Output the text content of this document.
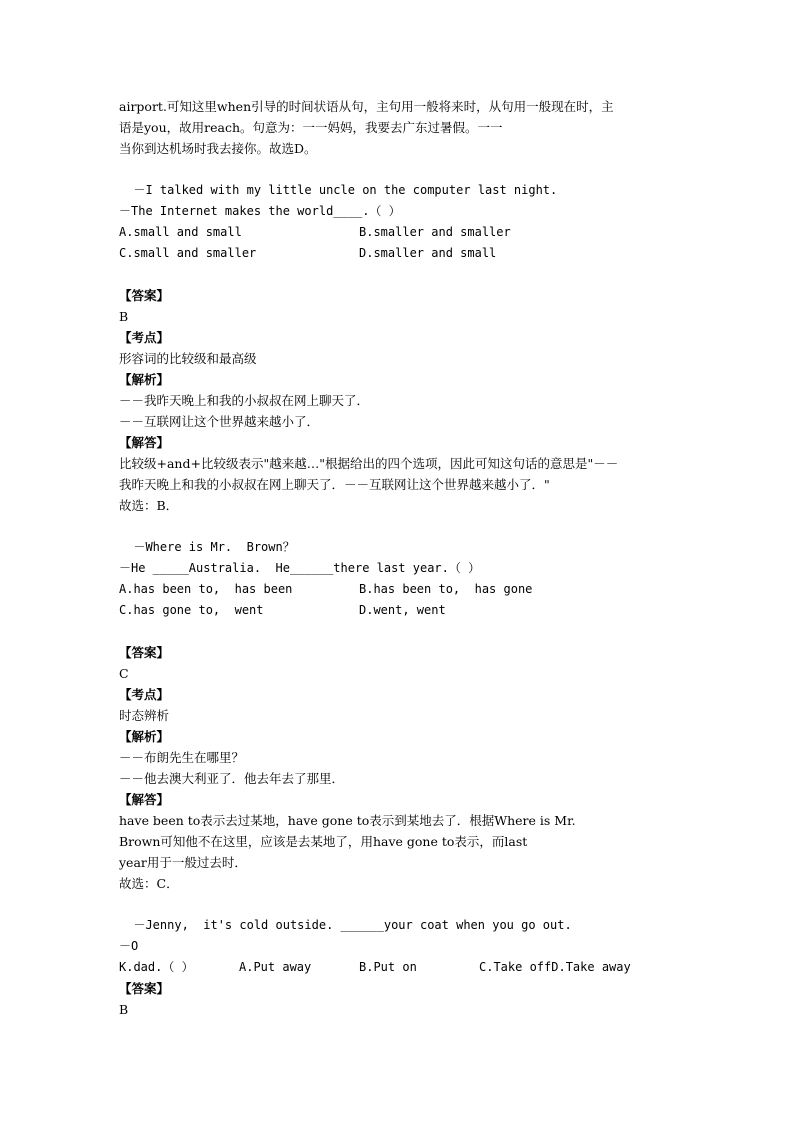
airport.可知这里when引导的时间状语从句，主句用一般将来时，从句用一般现在时，主
语是you，故用reach。句意为：一一妈妈，我要去广东过暑假。一一
当你到达机场时我去接你。故选D。
－I talked with my little uncle on the computer last night.
－The Internet makes the world____.（ ）
A.small and small	B.smaller and smaller
C.small and smaller	D.smaller and small
【答案】
B
【考点】
形容词的比较级和最高级
【解析】
－－我昨天晚上和我的小叔叔在网上聊天了．
－－互联网让这个世界越来越小了．
【解答】
比较级+and+比较级表示"越来越…"根据给出的四个选项，因此可知这句话的意思是"－－
我昨天晚上和我的小叔叔在网上聊天了．－－互联网让这个世界越来越小了．"
故选：B．
－Where is Mr.  Brown？
－He _____Australia.  He______there last year.（ ）
A.has been to,  has been	B.has been to,  has gone
C.has gone to,  went	D.went, went
【答案】
C
【考点】
时态辨析
【解析】
－－布朗先生在哪里？
－－他去澳大利亚了．他去年去了那里．
【解答】
have been to表示去过某地，have gone to表示到某地去了．根据Where is Mr.
Brown可知他不在这里，应该是去某地了，用have gone to表示，而last
year用于一般过去时．
故选：C．
－Jenny,  it's cold outside. ______your coat when you go out.
－O
K.dad.（ ）	A.Put away	B.Put on	C.Take offD.Take away
【答案】
B
